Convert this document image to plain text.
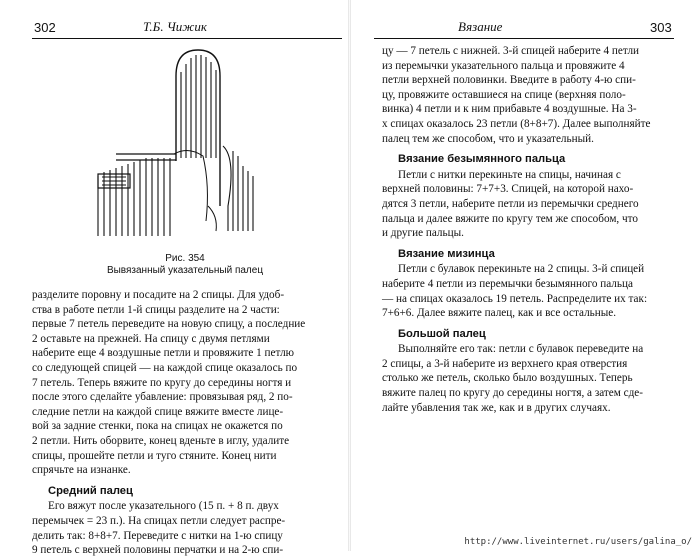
302	Т.Б. Чижик
Рис. 354
Вывязанный указательный палец

разделите поровну и посадите на 2 спицы. Для удоб-

ства в работе петли 1-й спицы разделите на 2 части:

первые 7 петель переведите на новую спицу, а последние

2 оставьте на прежней. На спицу с двумя петлями

наберите еще 4 воздушные петли и провяжите 1 петлю

со следующей спицей — на каждой спице оказалось по

7 петель. Теперь вяжите по кругу до середины ногтя и

после этого сделайте убавление: провязывая ряд, 2 по-

следние петли на каждой спице вяжите вместе лице-

вой за задние стенки, пока на спицах не окажется по

2 петли. Нить оборвите, конец вденьте в иглу, удалите

спицы, прошейте петли и туго стяните. Конец нити

спрячьте на изнанке.

Средний палец

Его вяжут после указательного (15 п. + 8 п. двух

перемычек = 23 п.). На спицах петли следует распре-

делить так: 8+8+7. Переведите с нитки на 1-ю спицу

9 петель с верхней половины перчатки и на 2-ю спи-

Вязание	303

цу — 7 петель с нижней. 3-й спицей наберите 4 петли

из перемычки указательного пальца и провяжите 4

петли верхней половинки. Введите в работу 4-ю спи-

цу, провяжите оставшиеся на спице (верхняя поло-

винка) 4 петли и к ним прибавьте 4 воздушные. На 3-

х спицах оказалось 23 петли (8+8+7). Далее выполняйте

палец тем же способом, что и указательный.

Вязание безымянного пальца

Петли с нитки перекиньте на спицы, начиная с

верхней половины: 7+7+3. Спицей, на которой нахо-

дятся 3 петли, наберите петли из перемычки среднего

пальца и далее вяжите по кругу тем же способом, что

и другие пальцы.

Вязание мизинца

Петли с булавок перекиньте на 2 спицы. 3-й спицей

наберите 4 петли из перемычки безымянного пальца

— на спицах оказалось 19 петель. Распределите их так:

7+6+6. Далее вяжите палец, как и все остальные.

Большой палец

Выполняйте его так: петли с булавок переведите на

2 спицы, а 3-й наберите из верхнего края отверстия

столько же петель, сколько было воздушных. Теперь

вяжите палец по кругу до середины ногтя, а затем сде-

лайте убавления так же, как и в других случаях.

http://www.liveinternet.ru/users/galina_o/
